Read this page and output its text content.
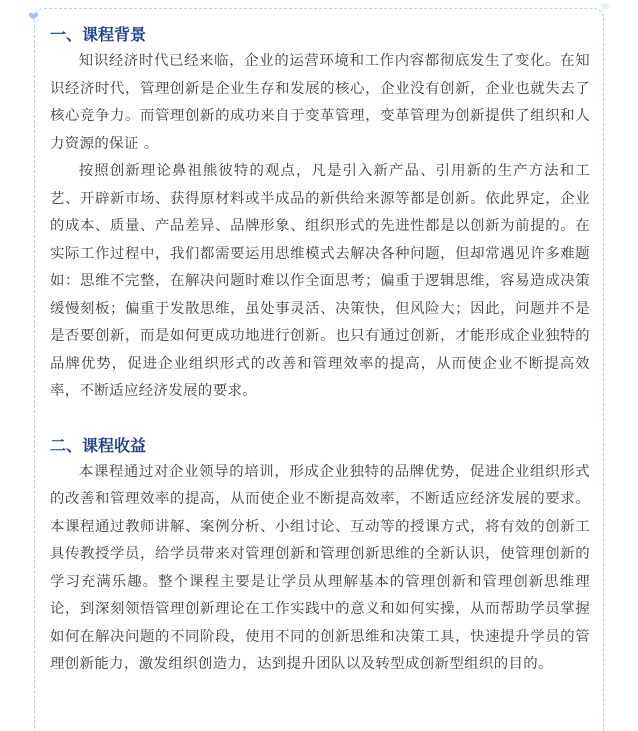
❤
一、课程背景

知识经济时代已经来临，企业的运营环境和工作内容都彻底发生了变化。在知识经济时代，管理创新是企业生存和发展的核心，企业没有创新，企业也就失去了核心竞争力。而管理创新的成功来自于变革管理，变革管理为创新提供了组织和人力资源的保证 。

按照创新理论鼻祖熊彼特的观点，凡是引入新产品、引用新的生产方法和工艺、开辟新市场、获得原材料或半成品的新供给来源等都是创新。依此界定，企业的成本、质量、产品差异、品牌形象、组织形式的先进性都是以创新为前提的。在实际工作过程中，我们都需要运用思维模式去解决各种问题，但却常遇见许多难题如：思维不完整，在解决问题时难以作全面思考；偏重于逻辑思维，容易造成决策缓慢刻板；偏重于发散思维，虽处事灵活、决策快，但风险大；因此，问题并不是是否要创新，而是如何更成功地进行创新。也只有通过创新，才能形成企业独特的品牌优势，促进企业组织形式的改善和管理效率的提高，从而使企业不断提高效率，不断适应经济发展的要求。

二、课程收益

本课程通过对企业领导的培训，形成企业独特的品牌优势，促进企业组织形式的改善和管理效率的提高，从而使企业不断提高效率，不断适应经济发展的要求。本课程通过教师讲解、案例分析、小组讨论、互动等的授课方式，将有效的创新工具传教授学员，给学员带来对管理创新和管理创新思维的全新认识，使管理创新的学习充满乐趣。整个课程主要是让学员从理解基本的管理创新和管理创新思维理论，到深刻领悟管理创新理论在工作实践中的意义和如何实操，从而帮助学员掌握如何在解决问题的不同阶段，使用不同的创新思维和决策工具，快速提升学员的管理创新能力，激发组织创造力，达到提升团队以及转型成创新型组织的目的。
